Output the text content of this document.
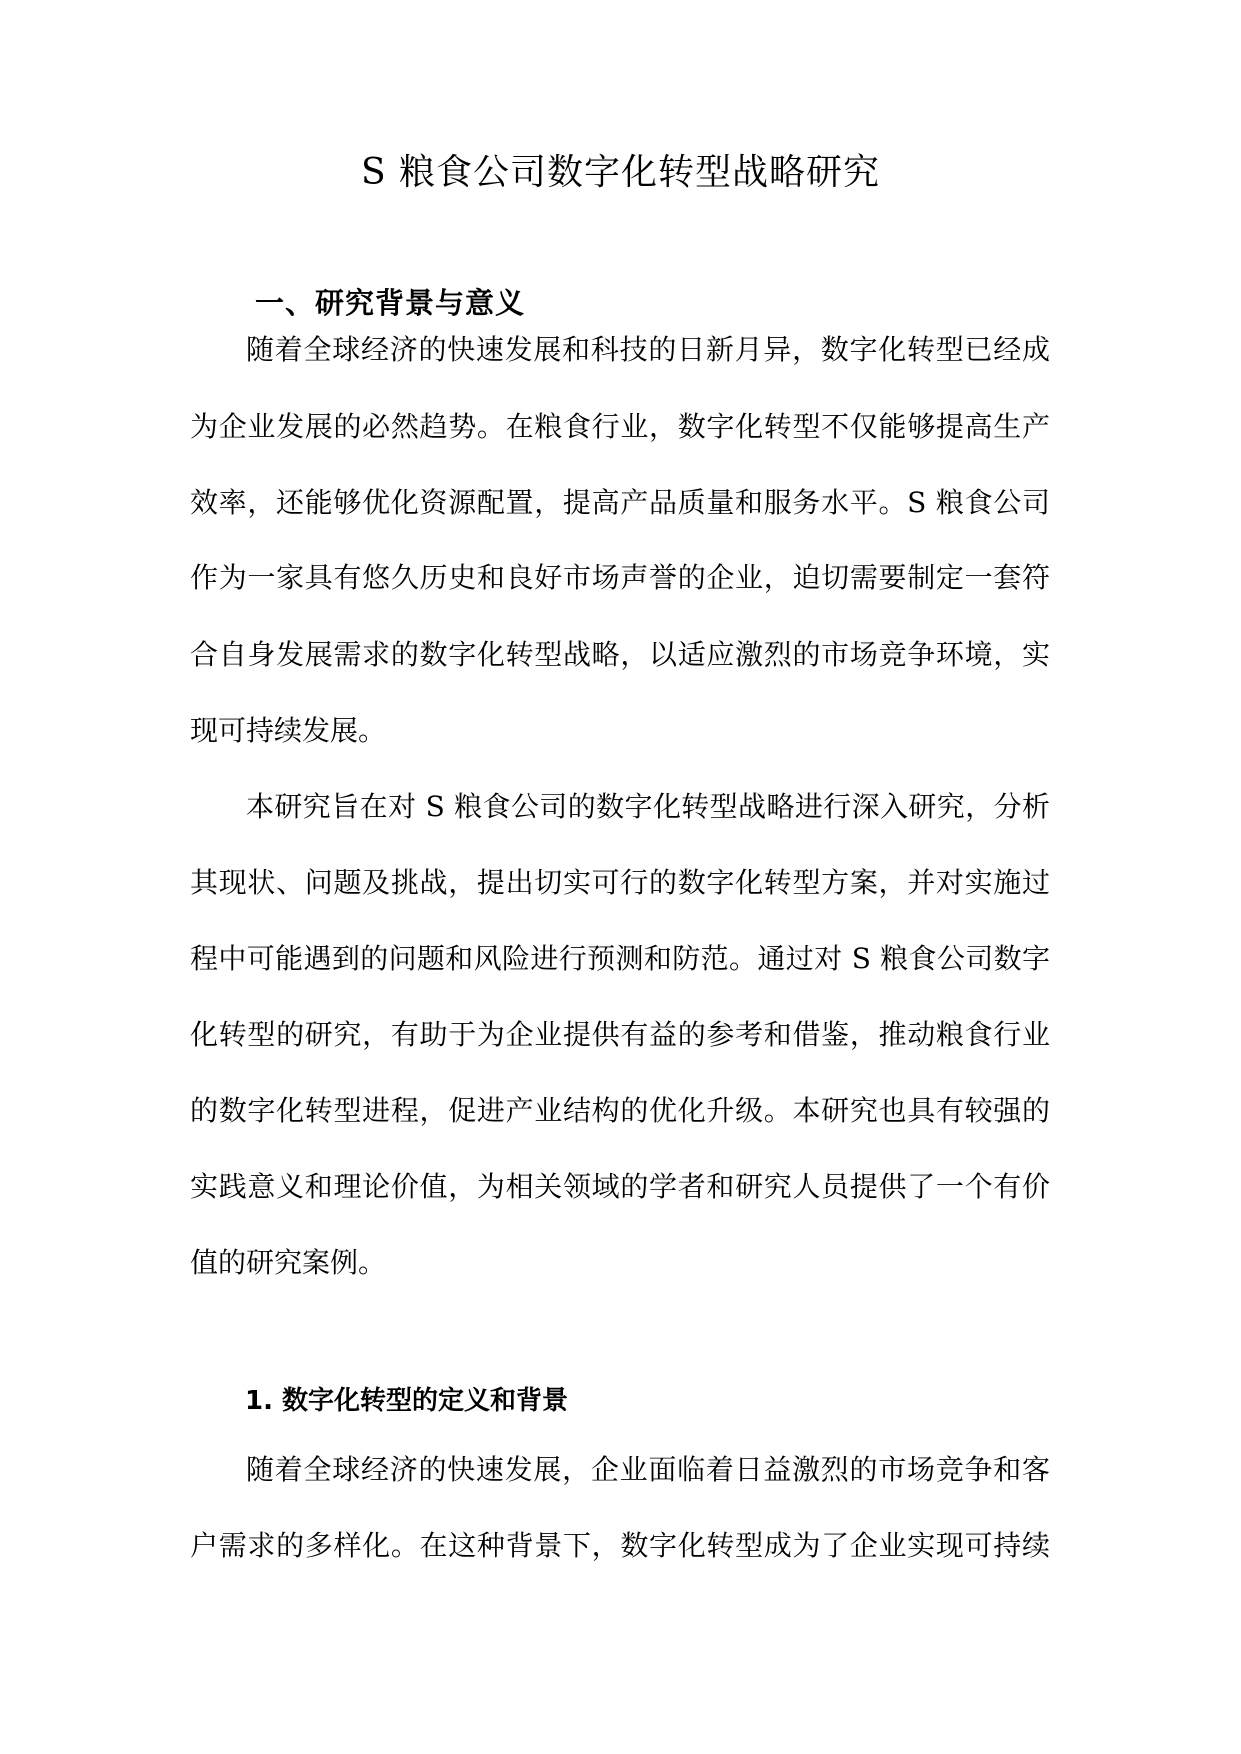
S 粮食公司数字化转型战略研究
一、研究背景与意义

随着全球经济的快速发展和科技的日新月异，数字化转型已经成

为企业发展的必然趋势。在粮食行业，数字化转型不仅能够提高生产

效率，还能够优化资源配置，提高产品质量和服务水平。S 粮食公司

作为一家具有悠久历史和良好市场声誉的企业，迫切需要制定一套符

合自身发展需求的数字化转型战略，以适应激烈的市场竞争环境，实

现可持续发展。

本研究旨在对 S 粮食公司的数字化转型战略进行深入研究，分析

其现状、问题及挑战，提出切实可行的数字化转型方案，并对实施过

程中可能遇到的问题和风险进行预测和防范。通过对 S 粮食公司数字

化转型的研究，有助于为企业提供有益的参考和借鉴，推动粮食行业

的数字化转型进程，促进产业结构的优化升级。本研究也具有较强的

实践意义和理论价值，为相关领域的学者和研究人员提供了一个有价

值的研究案例。

1. 数字化转型的定义和背景

随着全球经济的快速发展，企业面临着日益激烈的市场竞争和客

户需求的多样化。在这种背景下，数字化转型成为了企业实现可持续
